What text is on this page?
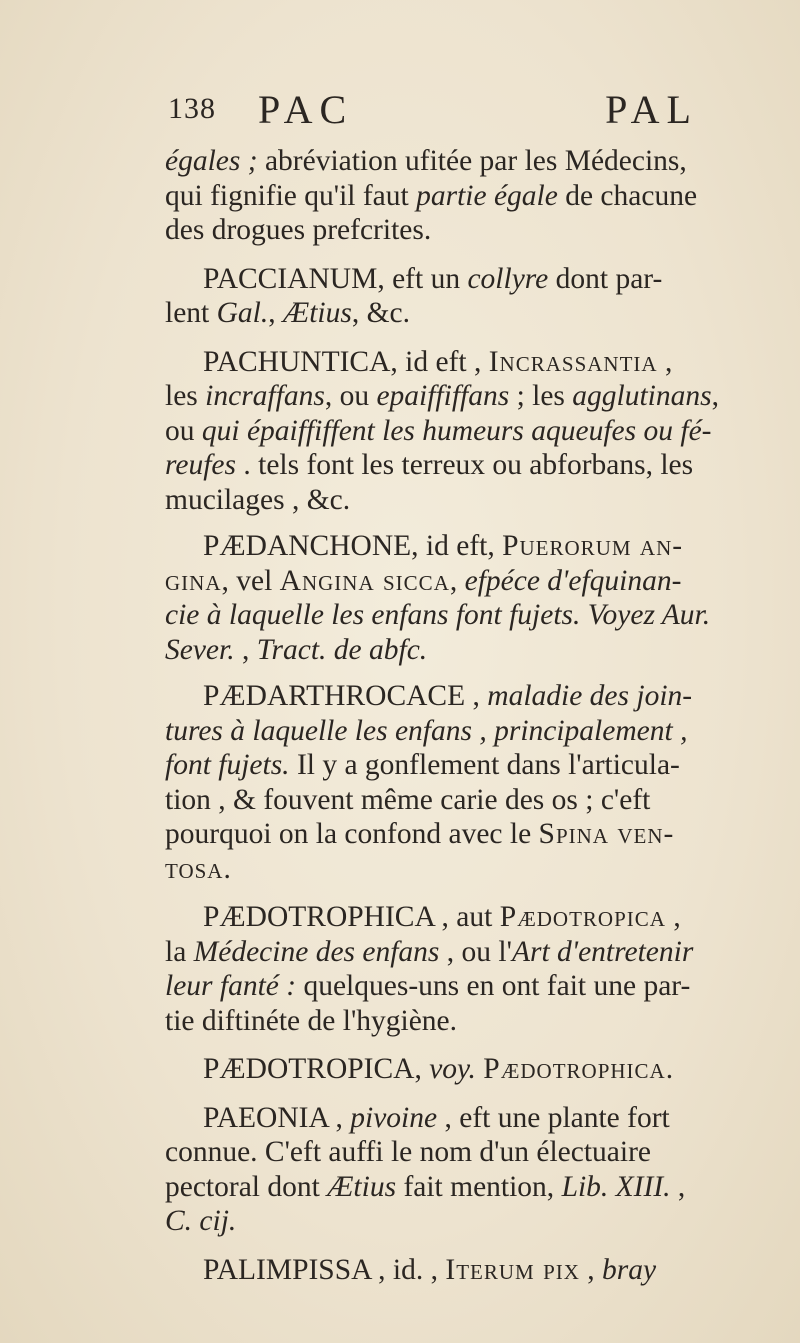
138 PAC	PAL
égales ; abréviation ufitée par les Médecins,
qui fignifie qu'il faut partie égale de chacune
des drogues prefcrites.
PACCIANUM, eft un collyre dont par-
lent Gal., Ætius, &c.
PACHUNTICA, id eft , Incrassantia ,
les incraffans, ou epaiffiffans ; les agglutinans,
ou qui épaiffiffent les humeurs aqueufes ou fé-
reufes . tels font les terreux ou abforbans, les
mucilages , &c.
PÆDANCHONE, id eft, Puerorum an-
gina, vel Angina sicca, efpéce d'efquinan-
cie à laquelle les enfans font fujets. Voyez Aur.
Sever. , Tract. de abfc.
PÆDARTHROCACE , maladie des join-
tures à laquelle les enfans , principalement ,
font fujets. Il y a gonflement dans l'articula-
tion , & fouvent même carie des os ; c'eft
pourquoi on la confond avec le Spina ven-
tosa.
PÆDOTROPHICA , aut Pædotropica ,
la Médecine des enfans , ou l'Art d'entretenir
leur fanté : quelques-uns en ont fait une par-
tie diftinéte de l'hygiène.
PÆDOTROPICA, voy. Pædotrophica.
PAEONIA , pivoine , eft une plante fort
connue. C'eft auffi le nom d'un électuaire
pectoral dont Ætius fait mention, Lib. XIII. ,
C. cij.
PALIMPISSA , id. , Iterum pix , bray
